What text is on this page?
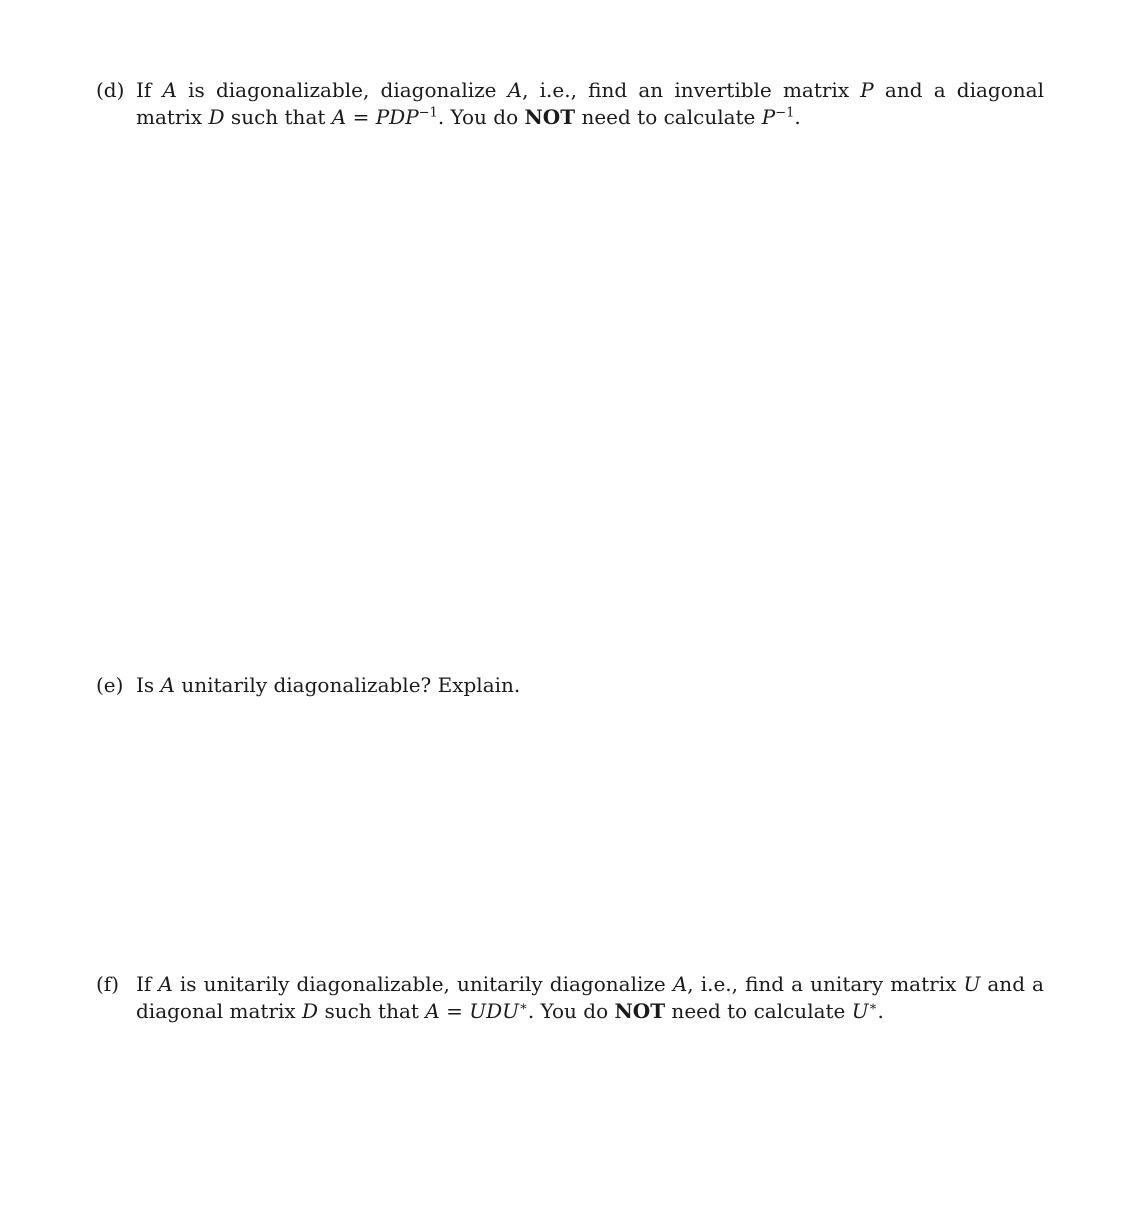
(d) If A is diagonalizable, diagonalize A, i.e., find an invertible matrix P and a diagonal matrix D such that $A = PDP^{-1}$. You do NOT need to calculate $P^{-1}$.
(e) Is A unitarily diagonalizable? Explain.
(f) If A is unitarily diagonalizable, unitarily diagonalize A, i.e., find a unitary matrix U and a diagonal matrix D such that A = UDU∗. You do NOT need to calculate U∗.
